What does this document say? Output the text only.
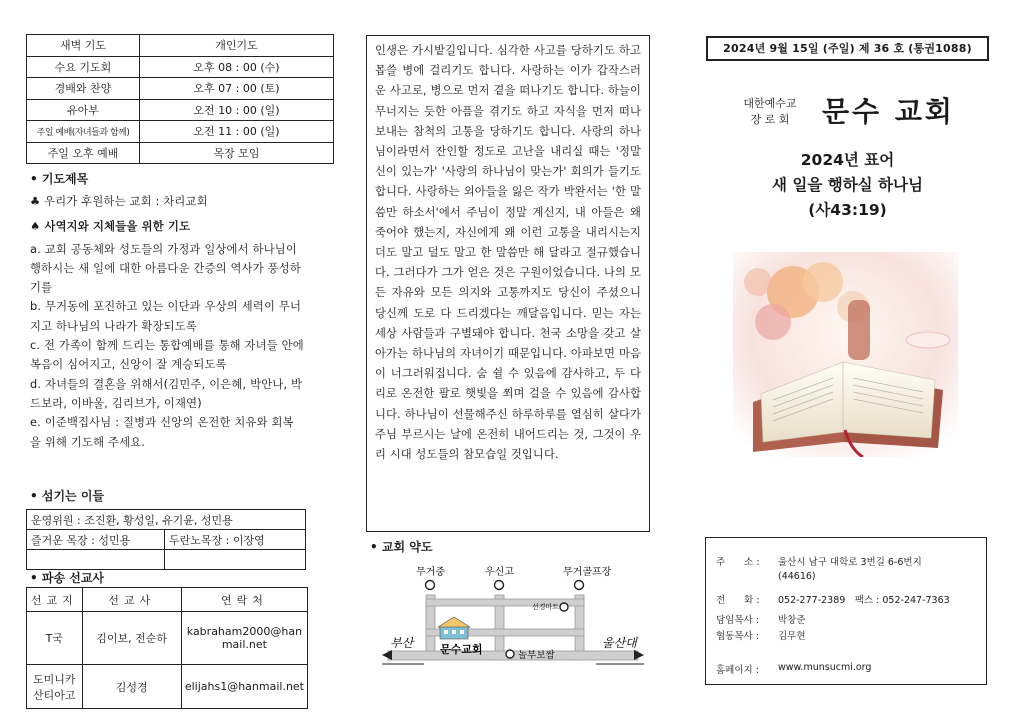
새벽 기도	개인기도
수요 기도회	오후 08 : 00 (수)
경배와 찬양	오후 07 : 00 (토)
유아부	오전 10 : 00 (일)
주일 예배(자녀들과 함께)	오전 11 : 00 (일)
주일 오후 예배	목장 모임
• 기도제목

♣ 우리가 후원하는 교회 : 차리교회

♠ 사역지와 지체들을 위한 기도

a. 교회 공동체와 성도들의 가정과 일상에서 하나님이 행하시는 새 일에 대한 아름다운 간증의 역사가 풍성하기를

b. 무거동에 포진하고 있는 이단과 우상의 세력이 무너지고 하나님의 나라가 확장되도록

c. 전 가족이 함께 드리는 통합예배를 통해 자녀들 안에 복음이 심어지고, 신앙이 잘 계승되도록

d. 자녀들의 결혼을 위해서(김민주, 이은혜, 박안나, 박드보라, 이바울, 김리브가, 이재연)

e. 이준백집사님 : 질병과 신앙의 온전한 치유와 회복을 위해 기도해 주세요.

• 섬기는 이들
운영위원 : 조진환, 황성일, 유기윤, 성민용	
즐거운 목장 : 성민용	두란노목장 : 이장영

• 파송 선교사
선교지	선교사	연락처
T국	김이보, 전순하	kabraham2000@hanmail.net
도미니카 산티아고	김성경	elijahs1@hanmail.net
인생은 가시밭길입니다. 심각한 사고를 당하기도 하고 몹쓸 병에 걸리기도 합니다. 사랑하는 이가 갑작스러운 사고로, 병으로 먼저 곁을 떠나기도 합니다. 하늘이 무너지는 듯한 아픔을 겪기도 하고 자식을 먼저 떠나보내는 참척의 고통을 당하기도 합니다. 사랑의 하나님이라면서 잔인할 정도로 고난을 내리실 때는 '정말 신이 있는가' '사랑의 하나님이 맞는가' 회의가 들기도 합니다. 사랑하는 외아들을 잃은 작가 박완서는 '한 말씀만 하소서'에서 주님이 정말 계신지, 내 아들은 왜 죽어야 했는지, 자신에게 왜 이런 고통을 내리시는지 더도 말고 덜도 말고 한 말씀만 해 달라고 절규했습니다. 그러다가 그가 얻은 것은 구원이었습니다. 나의 모든 자유와 모든 의지와 고통까지도 당신이 주셨으니 당신께 도로 다 드리겠다는 깨달음입니다. 믿는 자는 세상 사람들과 구별돼야 합니다. 천국 소망을 갖고 살아가는 하나님의 자녀이기 때문입니다. 아파보면 마음이 너그러워집니다. 숨 쉴 수 있음에 감사하고, 두 다리로 온전한 팔로 햇빛을 쬐며 걸을 수 있음에 감사합니다. 하나님이 선물해주신 하루하루를 열심히 살다가 주님 부르시는 날에 온전히 내어드리는 것, 그것이 우리 시대 성도들의 참모습일 것입니다.
• 교회 약도
무거중	우신고	무거골프장
선경마트
문수교회	놀부보쌈
부산	울산대
2024년 9월 15일 (주일) 제 36 호 (통권1088)
대한예수교
장 로 회	문수 교회
2024년 표어
새 일을 행하실 하나님
(사43:19)
주　　소 :	울산시 남구 대학로 3번길 6-6번지
(44616)
전　　화 :	052-277-2389　팩스 : 052-247-7363
담임목사 :	박창준
협동목사 :	김무현
홈페이지 :	www.munsucmi.org
